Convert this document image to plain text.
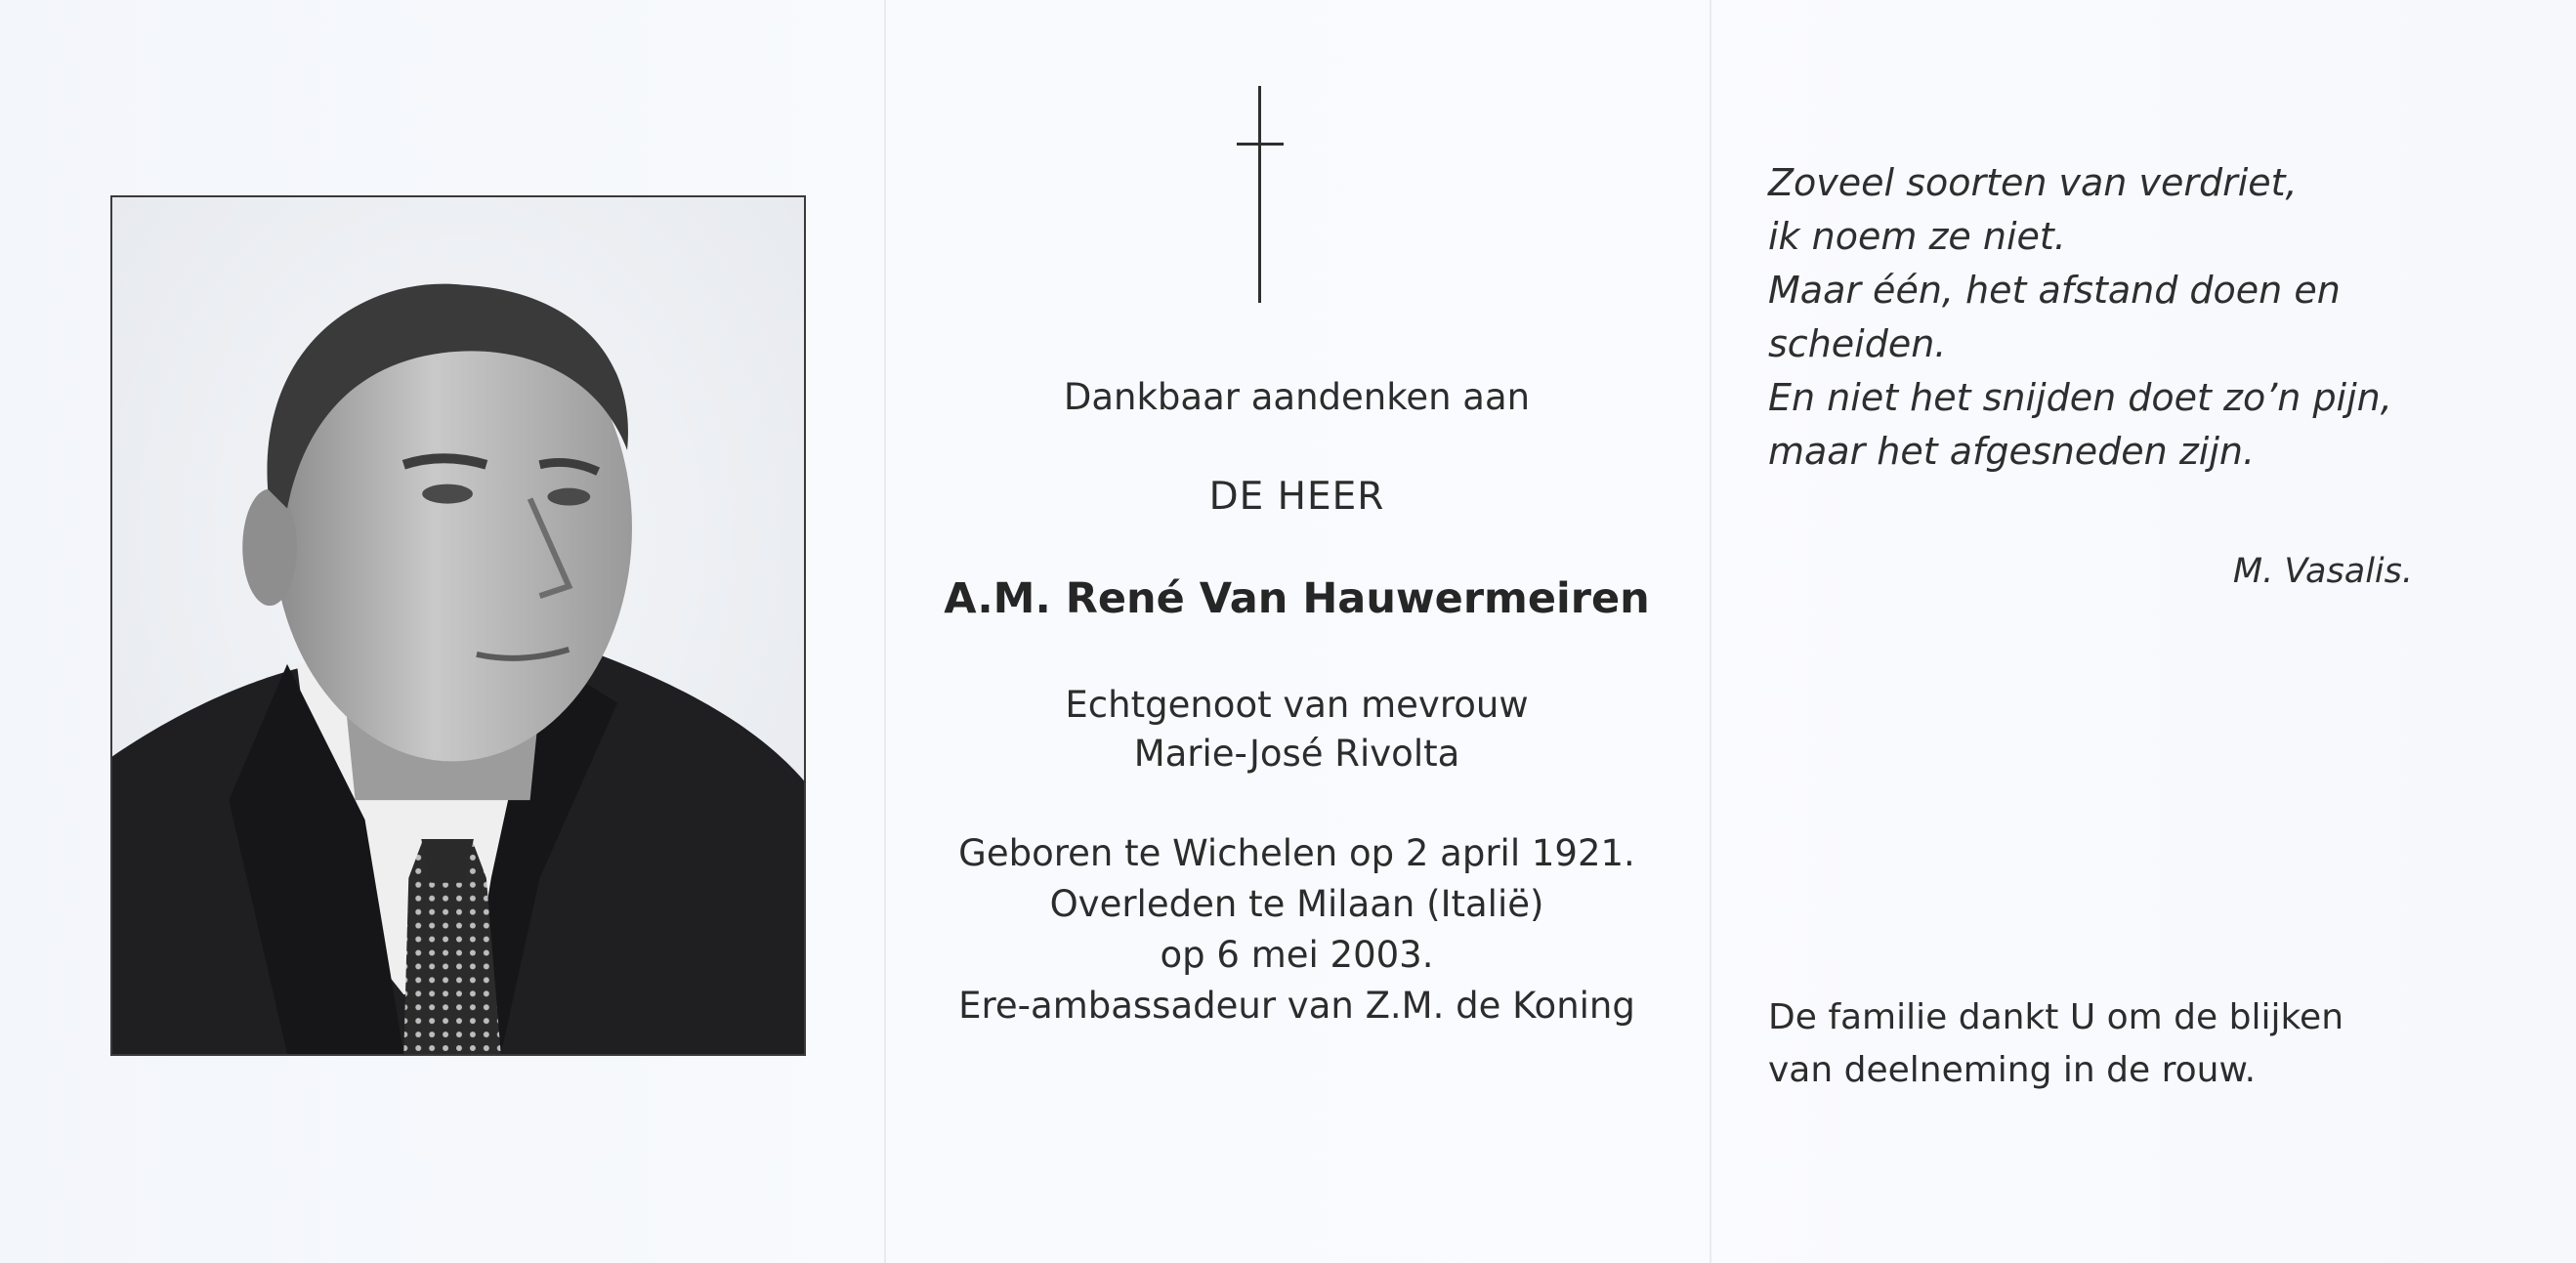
Dankbaar aandenken aan
DE HEER
A.M. René Van Hauwermeiren
Echtgenoot van mevrouw
Marie-José Rivolta
Geboren te Wichelen op 2 april 1921.
Overleden te Milaan (Italië)
op 6 mei 2003.
Ere-ambassadeur van Z.M. de Koning
Zoveel soorten van verdriet,
ik noem ze niet.
Maar één, het afstand doen en
scheiden.
En niet het snijden doet zo’n pijn,
maar het afgesneden zijn.
M. Vasalis.
De familie dankt U om de blijken
van deelneming in de rouw.
